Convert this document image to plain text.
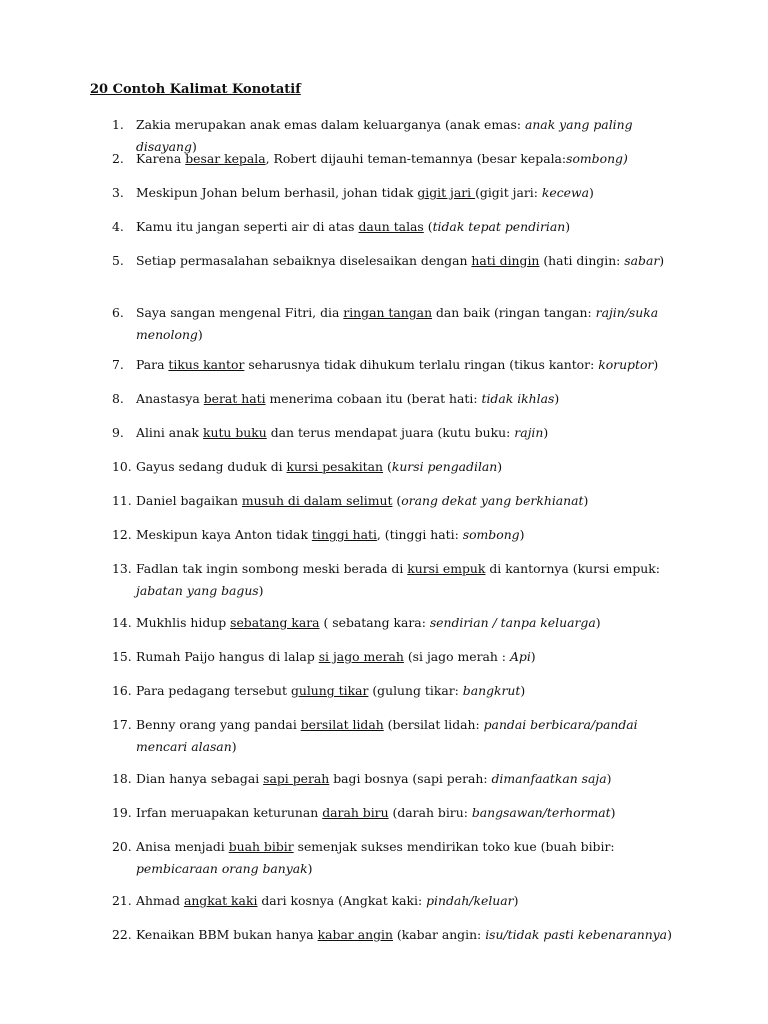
20 Contoh Kalimat Konotatif
1. Zakia merupakan anak emas dalam keluarganya (anak emas: anak yang paling disayang)
2. Karena besar kepala, Robert dijauhi teman-temannya (besar kepala:sombong)
3. Meskipun Johan belum berhasil, johan tidak gigit jari (gigit jari: kecewa)
4. Kamu itu jangan seperti air di atas daun talas (tidak tepat pendirian)
5. Setiap permasalahan sebaiknya diselesaikan dengan hati dingin (hati dingin: sabar)
6. Saya sangan mengenal Fitri, dia ringan tangan dan baik (ringan tangan: rajin/suka menolong)
7. Para tikus kantor seharusnya tidak dihukum terlalu ringan (tikus kantor: koruptor)
8. Anastasya berat hati menerima cobaan itu (berat hati: tidak ikhlas)
9. Alini anak kutu buku dan terus mendapat juara (kutu buku: rajin)
10. Gayus sedang duduk di kursi pesakitan (kursi pengadilan)
11. Daniel bagaikan musuh di dalam selimut (orang dekat yang berkhianat)
12. Meskipun kaya Anton tidak tinggi hati, (tinggi hati: sombong)
13. Fadlan tak ingin sombong meski berada di kursi empuk di kantornya (kursi empuk: jabatan yang bagus)
14. Mukhlis hidup sebatang kara ( sebatang kara: sendirian / tanpa keluarga)
15. Rumah Paijo hangus di lalap si jago merah (si jago merah : Api)
16. Para pedagang tersebut gulung tikar (gulung tikar: bangkrut)
17. Benny orang yang pandai bersilat lidah (bersilat lidah: pandai berbicara/pandai mencari alasan)
18. Dian hanya sebagai sapi perah bagi bosnya (sapi perah: dimanfaatkan saja)
19. Irfan meruapakan keturunan darah biru (darah biru: bangsawan/terhormat)
20. Anisa menjadi buah bibir semenjak sukses mendirikan toko kue (buah bibir: pembicaraan orang banyak)
21. Ahmad angkat kaki dari kosnya (Angkat kaki: pindah/keluar)
22. Kenaikan BBM bukan hanya kabar angin (kabar angin: isu/tidak pasti kebenarannya)
